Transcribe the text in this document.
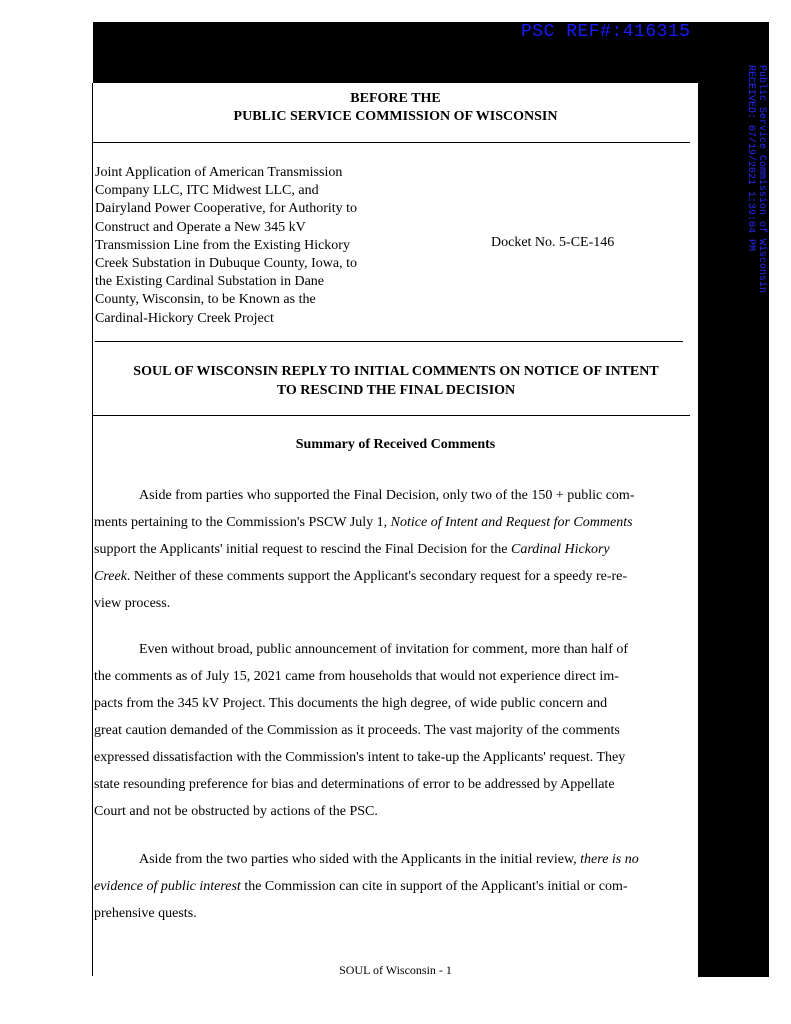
PSC REF#:416315
Public Service Commission of Wisconsin
RECEIVED: 07/19/2021 1:39:04 PM
BEFORE THE
PUBLIC SERVICE COMMISSION OF WISCONSIN
Joint Application of American Transmission
Company LLC, ITC Midwest LLC, and
Dairyland Power Cooperative, for Authority to
Construct and Operate a New 345 kV
Transmission Line from the Existing Hickory
Creek Substation in Dubuque County, Iowa, to
the Existing Cardinal Substation in Dane
County, Wisconsin, to be Known as the
Cardinal-Hickory Creek Project
Docket No. 5-CE-146
SOUL OF WISCONSIN REPLY TO INITIAL COMMENTS ON NOTICE OF INTENT
TO RESCIND THE FINAL DECISION
Summary of Received Comments
Aside from parties who supported the Final Decision, only two of the 150 + public com-
ments pertaining to the Commission's PSCW July 1, Notice of Intent and Request for Comments
support the Applicants' initial request to rescind the Final Decision for the Cardinal Hickory
Creek. Neither of these comments support the Applicant's secondary request for a speedy re-re-
view process.
Even without broad, public announcement of invitation for comment, more than half of
the comments as of July 15, 2021 came from households that would not experience direct im-
pacts from the 345 kV Project. This documents the high degree, of wide public concern and
great caution demanded of the Commission as it proceeds. The vast majority of the comments
expressed dissatisfaction with the Commission's intent to take-up the Applicants' request. They
state resounding preference for bias and determinations of error to be addressed by Appellate
Court and not be obstructed by actions of the PSC.
Aside from the two parties who sided with the Applicants in the initial review, there is no
evidence of public interest the Commission can cite in support of the Applicant's initial or com-
prehensive quests.
SOUL of Wisconsin - 1
